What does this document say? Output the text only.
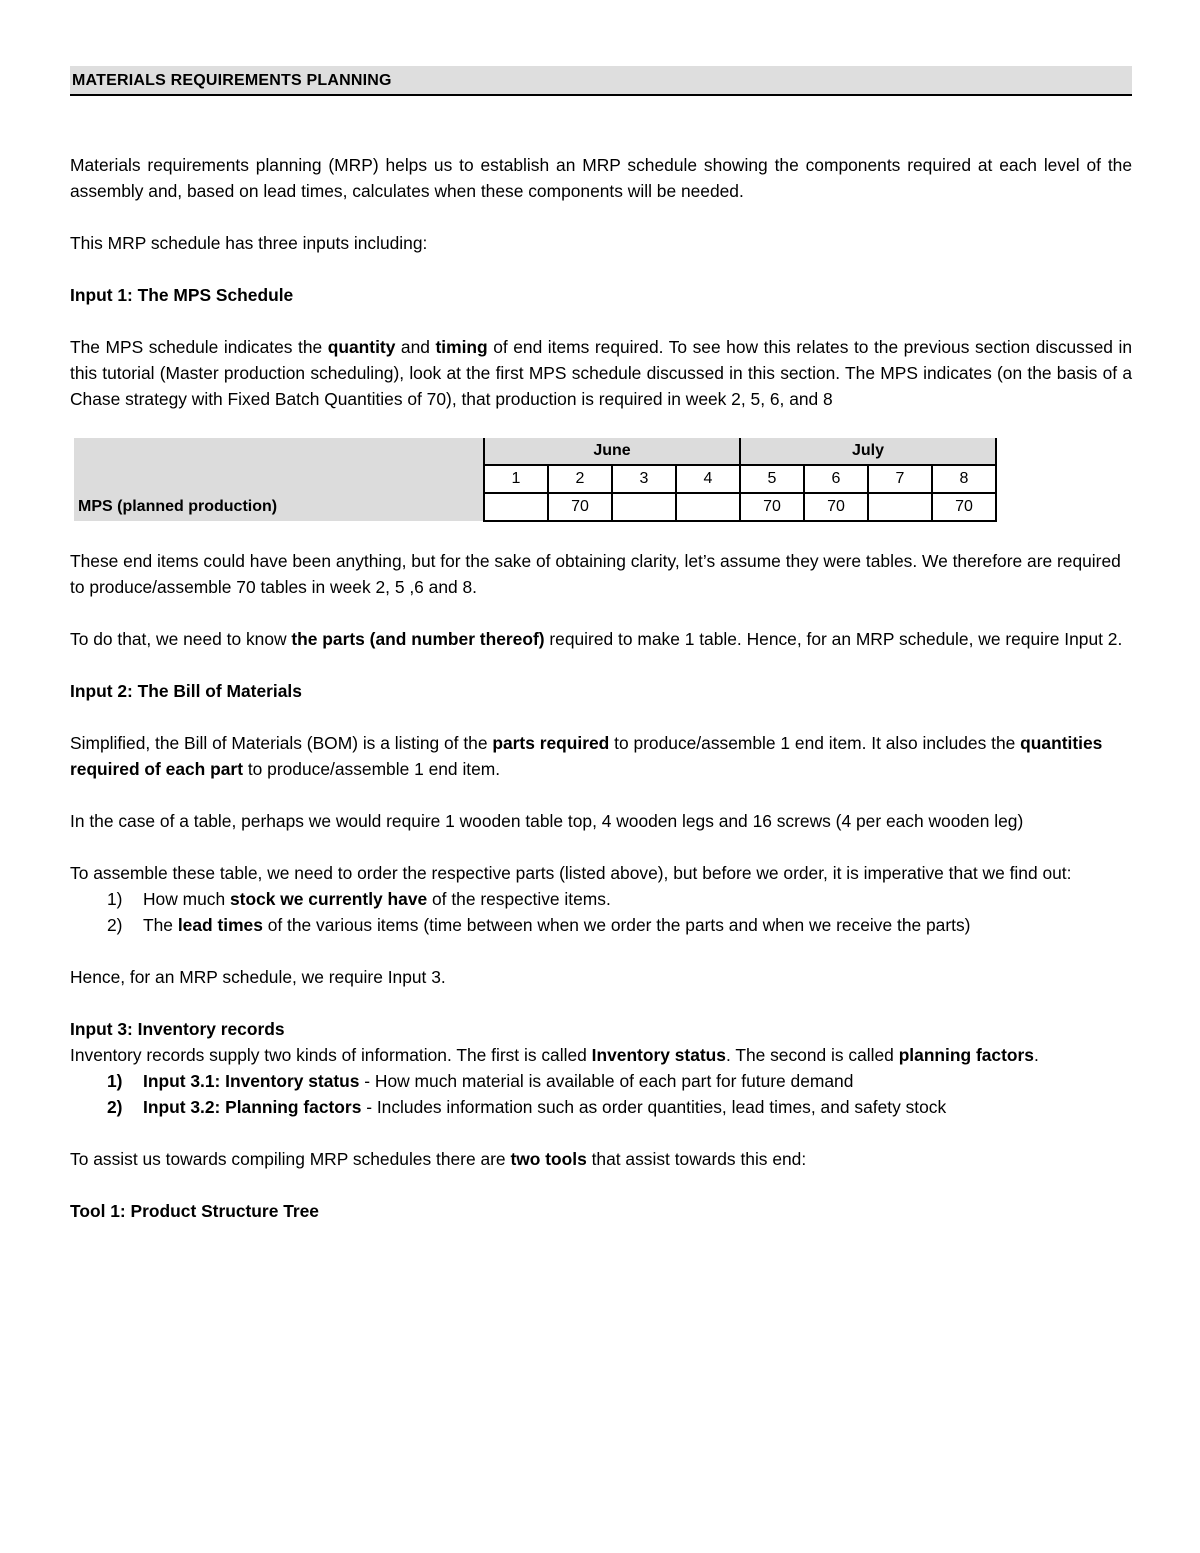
MATERIALS REQUIREMENTS PLANNING

Materials requirements planning (MRP) helps us to establish an MRP schedule showing the components required at each level of the assembly and, based on lead times, calculates when these components will be needed.

This MRP schedule has three inputs including:

Input 1: The MPS Schedule

The MPS schedule indicates the quantity and timing of end items required. To see how this relates to the previous section discussed in this tutorial (Master production scheduling), look at the first MPS schedule discussed in this section. The MPS indicates (on the basis of a Chase strategy with Fixed Batch Quantities of 70), that production is required in week 2, 5, 6, and 8

	June				July			
	1	2	3	4	5	6	7	8
MPS (planned production)		70			70	70		70

These end items could have been anything, but for the sake of obtaining clarity, let’s assume they were tables. We therefore are required to produce/assemble 70 tables in week 2, 5 ,6 and 8.

To do that, we need to know the parts (and number thereof) required to make 1 table. Hence, for an MRP schedule, we require Input 2.

Input 2: The Bill of Materials

Simplified, the Bill of Materials (BOM) is a listing of the parts required to produce/assemble 1 end item. It also includes the quantities required of each part to produce/assemble 1 end item.

In the case of a table, perhaps we would require 1 wooden table top, 4 wooden legs and 16 screws (4 per each wooden leg)

To assemble these table, we need to order the respective parts (listed above), but before we order, it is imperative that we find out:

1) How much stock we currently have of the respective items.
2) The lead times of the various items (time between when we order the parts and when we receive the parts)

Hence, for an MRP schedule, we require Input 3.

Input 3: Inventory records

Inventory records supply two kinds of information. The first is called Inventory status. The second is called planning factors.

1) Input 3.1: Inventory status - How much material is available of each part for future demand
2) Input 3.2: Planning factors - Includes information such as order quantities, lead times, and safety stock

To assist us towards compiling MRP schedules there are two tools that assist towards this end:

Tool 1: Product Structure Tree
